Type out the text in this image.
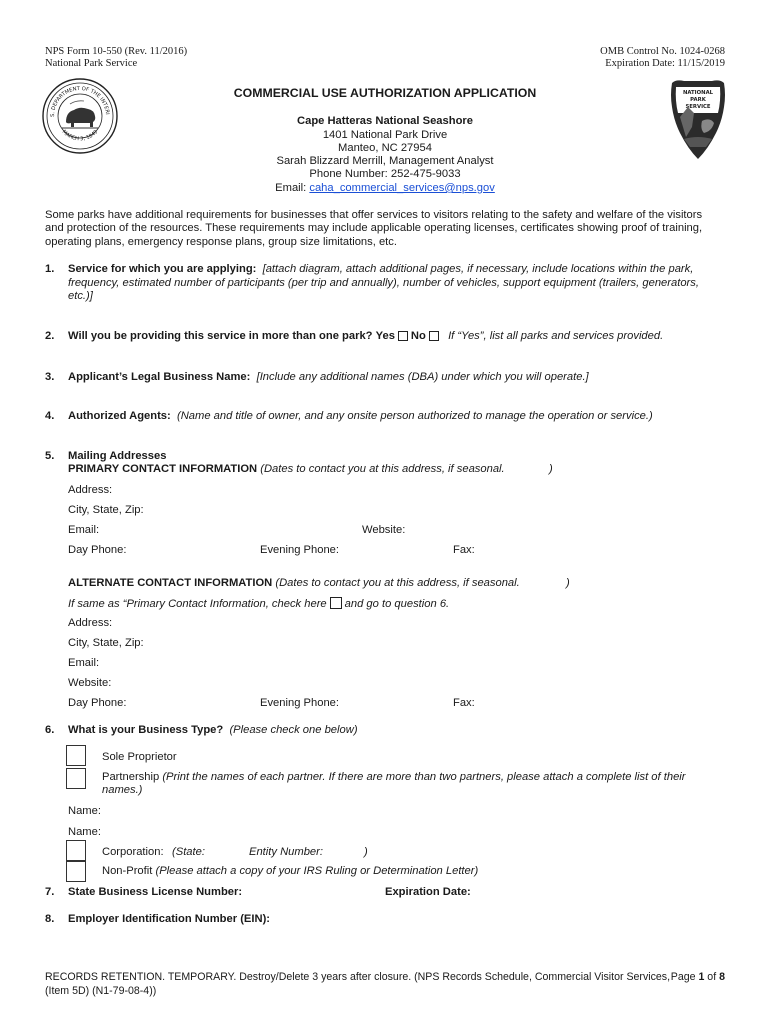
NPS Form 10-550 (Rev. 11/2016)
National Park Service
OMB Control No. 1024-0268
Expiration Date: 11/15/2019
S. DEPARTMENT OF THE INTERI
MARCH 3, 1849
NATIONAL
PARK
SERVICE
COMMERCIAL USE AUTHORIZATION APPLICATION
Cape Hatteras National Seashore
1401 National Park Drive
Manteo, NC 27954
Sarah Blizzard Merrill, Management Analyst
Phone Number: 252-475-9033
Email: caha_commercial_services@nps.gov
Some parks have additional requirements for businesses that offer services to visitors relating to the safety and welfare of the visitors
and protection of the resources. These requirements may include applicable operating licenses, certificates showing proof of training,
operating plans, emergency response plans, group size limitations, etc.
1. Service for which you are applying: [attach diagram, attach additional pages, if necessary, include locations within the park,
frequency, estimated number of participants (per trip and annually), number of vehicles, support equipment (trailers, generators,
etc.)]
2. Will you be providing this service in more than one park? Yes No If “Yes”, list all parks and services provided.
3. Applicant’s Legal Business Name: [Include any additional names (DBA) under which you will operate.]
4. Authorized Agents: (Name and title of owner, and any onsite person authorized to manage the operation or service.)
5. Mailing Addresses
PRIMARY CONTACT INFORMATION (Dates to contact you at this address, if seasonal.	)
Address:
City, State, Zip:
Email:	Website:
Day Phone:	Evening Phone:	Fax:
ALTERNATE CONTACT INFORMATION (Dates to contact you at this address, if seasonal.	)
If same as “Primary Contact Information, check here and go to question 6.
Address:
City, State, Zip:
Email:
Website:
Day Phone:	Evening Phone:	Fax:
6. What is your Business Type? (Please check one below)
Sole Proprietor
Partnership (Print the names of each partner. If there are more than two partners, please attach a complete list of their
names.)
Name:
Name:
Corporation: (State:	Entity Number:	)
Non-Profit (Please attach a copy of your IRS Ruling or Determination Letter)
7. State Business License Number:	Expiration Date:
8. Employer Identification Number (EIN):
RECORDS RETENTION. TEMPORARY. Destroy/Delete 3 years after closure. (NPS Records Schedule, Commercial Visitor Services,
(Item 5D) (N1-79-08-4))
Page 1 of 8
